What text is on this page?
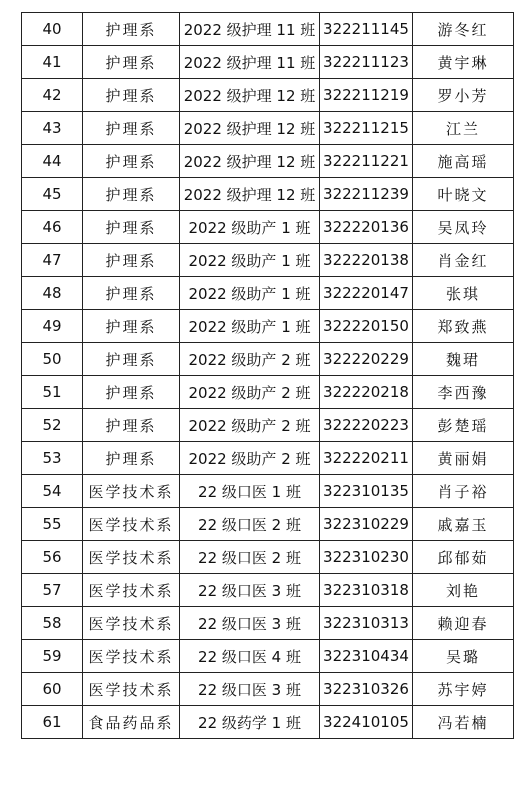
40	护理系	2022 级护理 11 班	322211145	游冬红
41	护理系	2022 级护理 11 班	322211123	黄宇琳
42	护理系	2022 级护理 12 班	322211219	罗小芳
43	护理系	2022 级护理 12 班	322211215	江兰
44	护理系	2022 级护理 12 班	322211221	施高瑶
45	护理系	2022 级护理 12 班	322211239	叶晓文
46	护理系	2022 级助产 1 班	322220136	吴凤玲
47	护理系	2022 级助产 1 班	322220138	肖金红
48	护理系	2022 级助产 1 班	322220147	张琪
49	护理系	2022 级助产 1 班	322220150	郑致燕
50	护理系	2022 级助产 2 班	322220229	魏珺
51	护理系	2022 级助产 2 班	322220218	李西豫
52	护理系	2022 级助产 2 班	322220223	彭楚瑶
53	护理系	2022 级助产 2 班	322220211	黄丽娟
54	医学技术系	22 级口医 1 班	322310135	肖子裕
55	医学技术系	22 级口医 2 班	322310229	戚嘉玉
56	医学技术系	22 级口医 2 班	322310230	邱郁茹
57	医学技术系	22 级口医 3 班	322310318	刘艳
58	医学技术系	22 级口医 3 班	322310313	赖迎春
59	医学技术系	22 级口医 4 班	322310434	吴璐
60	医学技术系	22 级口医 3 班	322310326	苏宇婷
61	食品药品系	22 级药学 1 班	322410105	冯若楠
